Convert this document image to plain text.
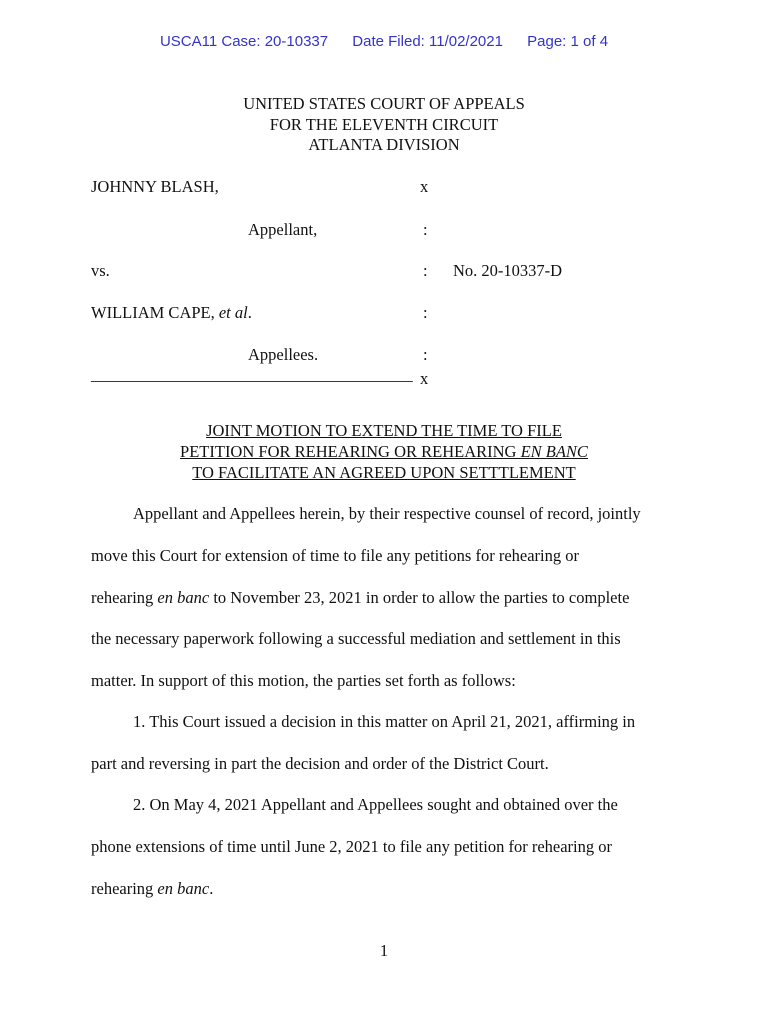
USCA11 Case: 20-10337 Date Filed: 11/02/2021 Page: 1 of 4
UNITED STATES COURT OF APPEALS
FOR THE ELEVENTH CIRCUIT
ATLANTA DIVISION
JOHNNY BLASH,	x
Appellant,	:
vs.	: No. 20-10337-D
WILLIAM CAPE, et al.	:
Appellees.	:
_______________________________________ x
JOINT MOTION TO EXTEND THE TIME TO FILE
PETITION FOR REHEARING OR REHEARING EN BANC
TO FACILITATE AN AGREED UPON SETTTLEMENT
Appellant and Appellees herein, by their respective counsel of record, jointly
move this Court for extension of time to file any petitions for rehearing or
rehearing en banc to November 23, 2021 in order to allow the parties to complete
the necessary paperwork following a successful mediation and settlement in this
matter. In support of this motion, the parties set forth as follows:
1. This Court issued a decision in this matter on April 21, 2021, affirming in
part and reversing in part the decision and order of the District Court.
2. On May 4, 2021 Appellant and Appellees sought and obtained over the
phone extensions of time until June 2, 2021 to file any petition for rehearing or
rehearing en banc.
1
